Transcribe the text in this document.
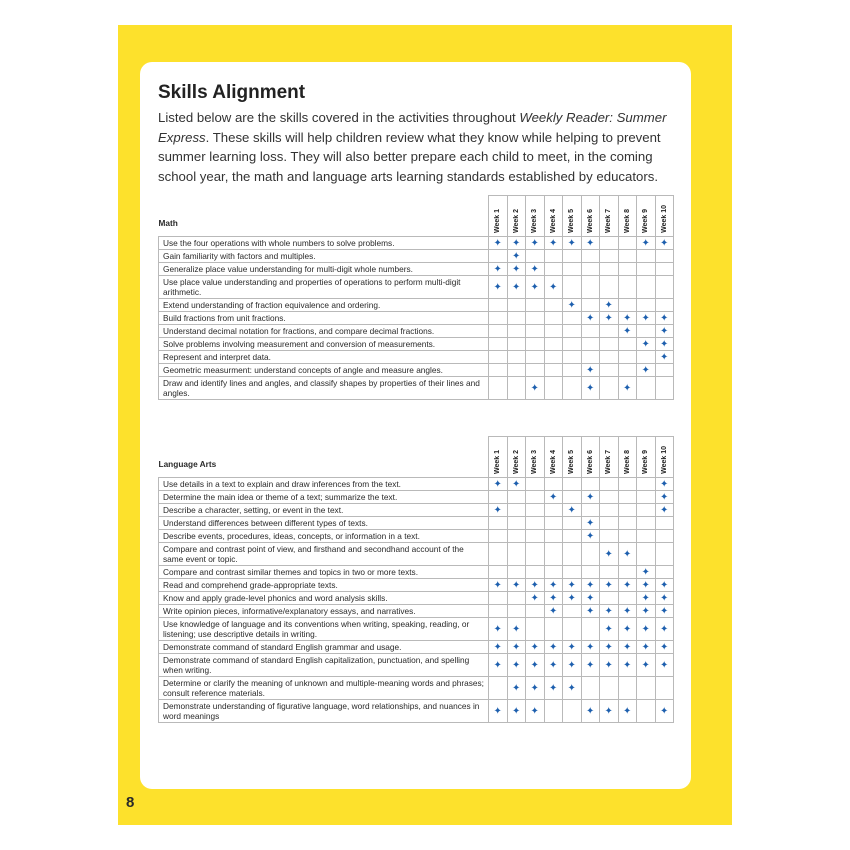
8
Skills Alignment
Listed below are the skills covered in the activities throughout Weekly Reader: Summer Express. These skills will help children review what they know while helping to prevent summer learning loss. They will also better prepare each child to meet, in the coming school year, the math and language arts learning standards established by educators.
Math	Week 1	Week 2	Week 3	Week 4	Week 5	Week 6	Week 7	Week 8	Week 9	Week 10

Use the four operations with whole numbers to solve problems.	✦	✦	✦	✦	✦	✦			✦	✦
Gain familiarity with factors and multiples.		✦								
Generalize place value understanding for multi-digit whole numbers.	✦	✦	✦							
Use place value understanding and properties of operations to perform multi-digit arithmetic.	✦	✦	✦	✦						
Extend understanding of fraction equivalence and ordering.					✦		✦			
Build fractions from unit fractions.						✦	✦	✦	✦	✦
Understand decimal notation for fractions, and compare decimal fractions.								✦		✦
Solve problems involving measurement and conversion of measurements.									✦	✦
Represent and interpret data.										✦
Geometric measurment: understand concepts of angle and measure angles.						✦			✦	
Draw and identify lines and angles, and classify shapes by properties of their lines and angles.			✦			✦		✦		
Language Arts	Week 1	Week 2	Week 3	Week 4	Week 5	Week 6	Week 7	Week 8	Week 9	Week 10

Use details in a text to explain and draw inferences from the text.	✦	✦								✦
Determine the main idea or theme of a text; summarize the text.				✦		✦				✦
Describe a character, setting, or event in the text.	✦				✦					✦
Understand differences between different types of texts.						✦				
Describe events, procedures, ideas, concepts, or information in a text.						✦				
Compare and contrast point of view, and firsthand and secondhand account of the same event or topic.							✦	✦		
Compare and contrast similar themes and topics in two or more texts.									✦	
Read and comprehend grade-appropriate texts.	✦	✦	✦	✦	✦	✦	✦	✦	✦	✦
Know and apply grade-level phonics and word analysis skills.			✦	✦	✦	✦			✦	✦
Write opinion pieces, informative/explanatory essays, and narratives.				✦		✦	✦	✦	✦	✦
Use knowledge of language and its conventions when writing, speaking, reading, or listening; use descriptive details in writing.	✦	✦					✦	✦	✦	✦
Demonstrate command of standard English grammar and usage.	✦	✦	✦	✦	✦	✦	✦	✦	✦	✦
Demonstrate command of standard English capitalization, punctuation, and spelling when writing.	✦	✦	✦	✦	✦	✦	✦	✦	✦	✦
Determine or clarify the meaning of unknown and multiple-meaning words and phrases; consult reference materials.		✦	✦	✦	✦					
Demonstrate understanding of figurative language, word relationships, and nuances in word meanings	✦	✦	✦			✦	✦	✦		✦
